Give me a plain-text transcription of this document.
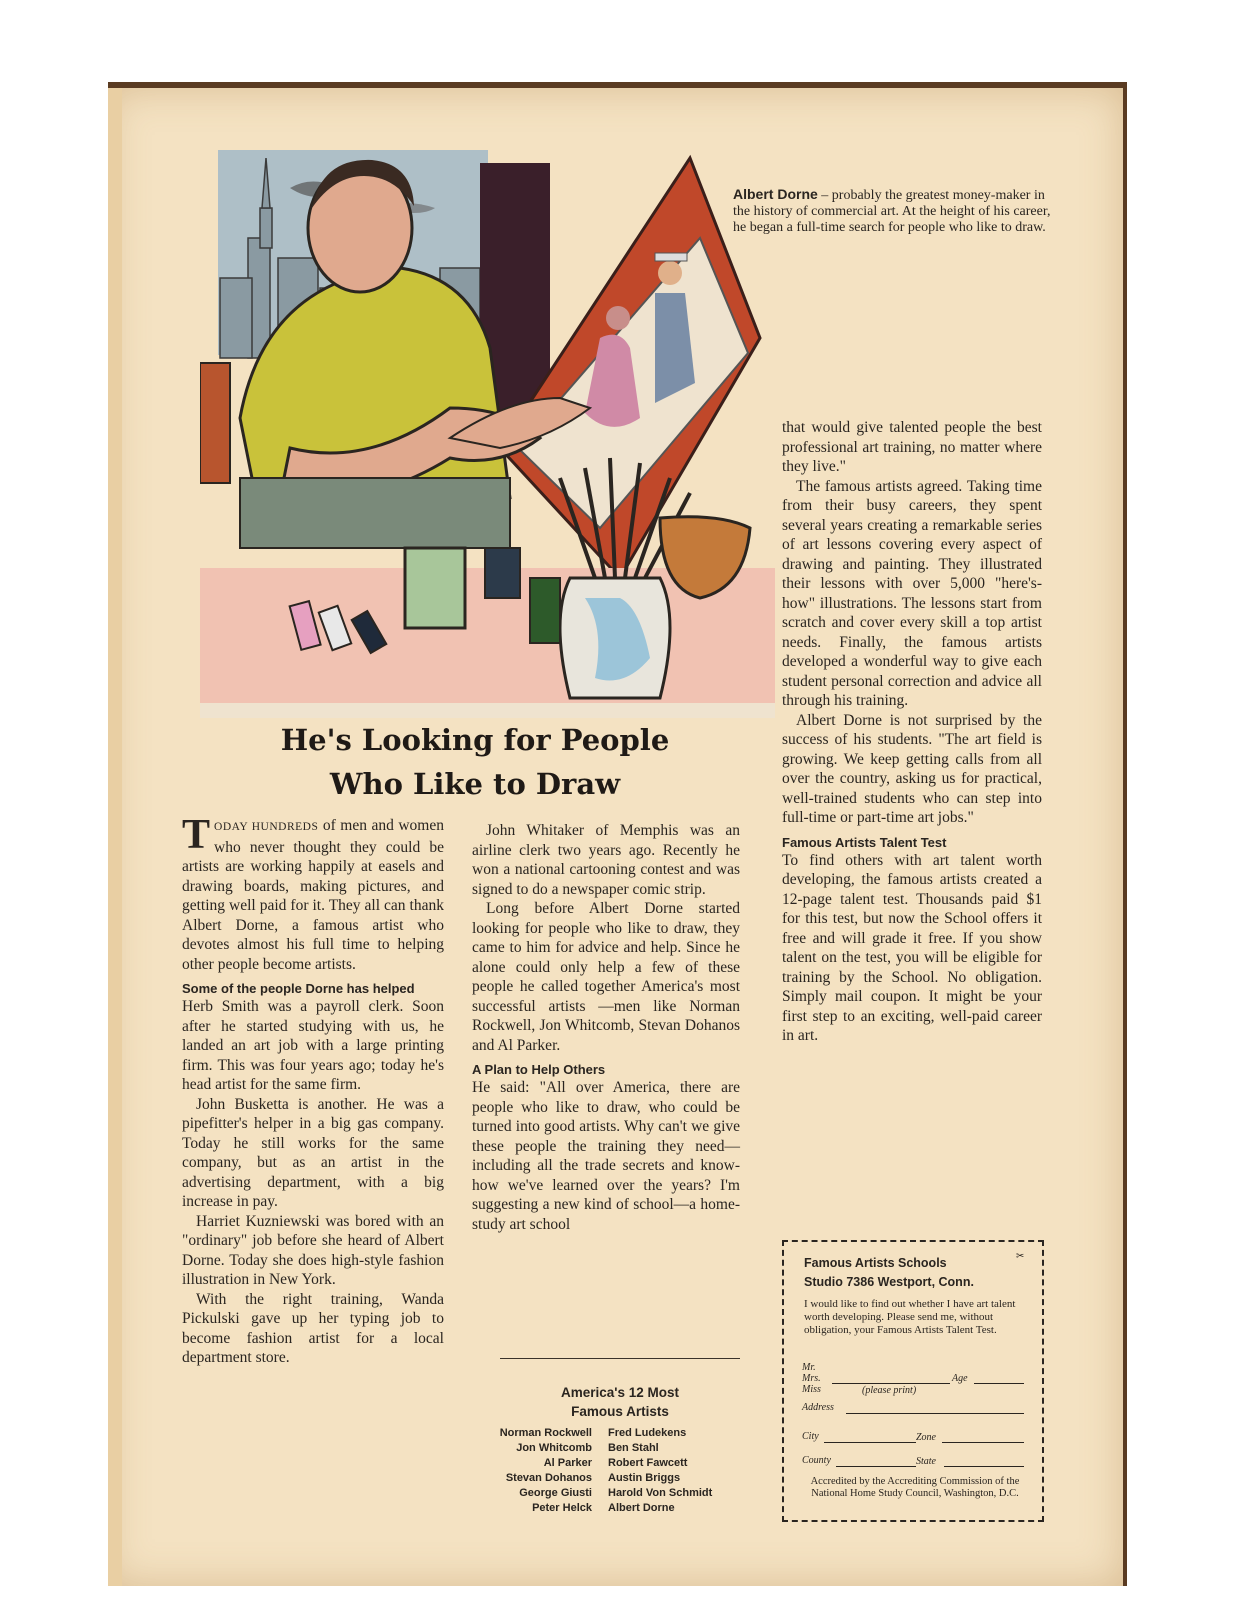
Albert Dorne – probably the greatest money-maker in the history of commercial art. At the height of his career, he began a full-time search for people who like to draw.
He's Looking for People
Who Like to Draw

TODAY HUNDREDS of men and women who never thought they could be artists are working happily at easels and drawing boards, making pictures, and getting well paid for it. They all can thank Albert Dorne, a famous artist who devotes almost his full time to helping other people become artists.

Some of the people Dorne has helped

Herb Smith was a payroll clerk. Soon after he started studying with us, he landed an art job with a large printing firm. This was four years ago; today he's head artist for the same firm.

John Busketta is another. He was a pipefitter's helper in a big gas company. Today he still works for the same company, but as an artist in the advertising department, with a big increase in pay.

Harriet Kuzniewski was bored with an "ordinary" job before she heard of Albert Dorne. Today she does high-style fashion illustration in New York.

With the right training, Wanda Pickulski gave up her typing job to become fashion artist for a local department store.

John Whitaker of Memphis was an airline clerk two years ago. Recently he won a national cartooning contest and was signed to do a newspaper comic strip.

Long before Albert Dorne started looking for people who like to draw, they came to him for advice and help. Since he alone could only help a few of these people he called together America's most successful artists —men like Norman Rockwell, Jon Whitcomb, Stevan Dohanos and Al Parker.

A Plan to Help Others

He said: "All over America, there are people who like to draw, who could be turned into good artists. Why can't we give these people the training they need—including all the trade secrets and know-how we've learned over the years? I'm suggesting a new kind of school—a home-study art school

that would give talented people the best professional art training, no matter where they live."

The famous artists agreed. Taking time from their busy careers, they spent several years creating a remarkable series of art lessons covering every aspect of drawing and painting. They illustrated their lessons with over 5,000 "here's-how" illustrations. The lessons start from scratch and cover every skill a top artist needs. Finally, the famous artists developed a wonderful way to give each student personal correction and advice all through his training.

Albert Dorne is not surprised by the success of his students. "The art field is growing. We keep getting calls from all over the country, asking us for practical, well-trained students who can step into full-time or part-time art jobs."

Famous Artists Talent Test

To find others with art talent worth developing, the famous artists created a 12-page talent test. Thousands paid $1 for this test, but now the School offers it free and will grade it free. If you show talent on the test, you will be eligible for training by the School. No obligation. Simply mail coupon. It might be your first step to an exciting, well-paid career in art.

America's 12 Most
Famous Artists
Norman Rockwell
Jon Whitcomb
Al Parker
Stevan Dohanos
George Giusti
Peter Helck
Fred Ludekens
Ben Stahl
Robert Fawcett
Austin Briggs
Harold Von Schmidt
Albert Dorne
Famous Artists Schools
Studio 7386 Westport, Conn.
I would like to find out whether I have art talent worth developing. Please send me, without obligation, your Famous Artists Talent Test.
Mr.
Mrs.
Miss	(please print)
Age
Address
City	Zone
County	State
Accredited by the Accrediting Commission of the National Home Study Council, Washington, D.C.
✂
